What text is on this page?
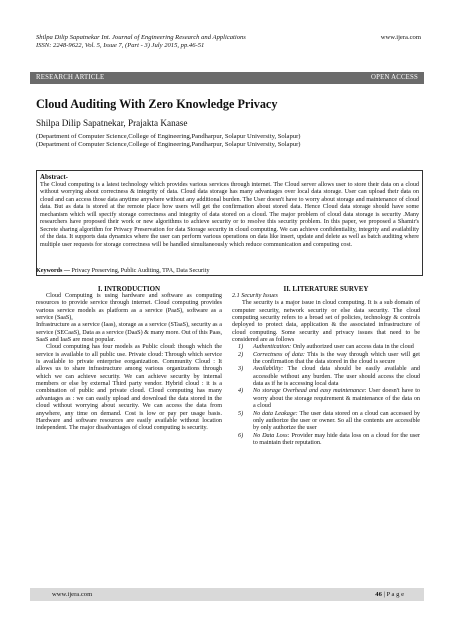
Shilpa Dilip Sapatnekar Int. Journal of Engineering Research and Applications
ISSN: 2248-9622, Vol. 5, Issue 7, (Part - 3) July 2015, pp.46-51
www.ijera.com
RESEARCH ARTICLE	OPEN ACCESS
Cloud Auditing With Zero Knowledge Privacy
Shilpa Dilip Sapatnekar, Prajakta Kanase
(Department of Computer Science,College of Engineering,Pandharpur, Solapur University, Solapur)
(Department of Computer Science,College of Engineering,Pandharpur, Solapur University, Solapur)
Abstract-
The Cloud computing is a latest technology which provides various services through internet. The Cloud server allows user to store their data on a cloud without worrying about correctness & integrity of data. Cloud data storage has many advantages over local data storage. User can upload their data on cloud and can access those data anytime anywhere without any additional burden. The User doesn't have to worry about storage and maintenance of cloud data. But as data is stored at the remote place how users will get the confirmation about stored data. Hence Cloud data storage should have some mechanism which will specify storage correctness and integrity of data stored on a cloud. The major problem of cloud data storage is security .Many researchers have proposed their work or new algorithms to achieve security or to resolve this security problem. In this paper, we proposed a Shamir's Secrete sharing algorithm for Privacy Preservation for data Storage security in cloud computing. We can achieve confidentiality, integrity and availability of the data. It supports data dynamics where the user can perform various operations on data like insert, update and delete as well as batch auditing where multiple user requests for storage correctness will be handled simultaneously which reduce communication and computing cost.
Keywords — Privacy Preserving, Public Auditing, TPA, Data Security
I. INTRODUCTION

Cloud Computing is using hardware and software as computing resources to provide service through internet. Cloud computing provides various service models as platform as a service (PaaS), software as a service (SaaS),

Infrastructure as a service (Iaas), storage as a service (STaaS), security as a service (SECaaS), Data as a service (DaaS) & many more. Out of this Paas, SaaS and IaaS are most popular.

Cloud computing has four models as Public cloud: though which the service is available to all public use. Private cloud: Through which service is available to private enterprise eorganization. Community Cloud : It allows us to share infrastructure among various organizations through which we can achieve security. We can achieve security by internal members or else by external Third party vendor. Hybrid cloud : it is a combination of public and private cloud. Cloud computing has many advantages as : we can easily upload and download the data stored in the cloud without worrying about security. We can access the data from anywhere, any time on demand. Cost is low or pay per usage basis. Hardware and software resources are easily available without location independent. The major disadvantages of cloud computing is security.

II. LITERATURE SURVEY
2.1 Security Issues

The security is a major issue in cloud computing. It is a sub domain of computer security, network security or else data security. The cloud computing security refers to a broad set of policies, technology & controls deployed to protect data, application & the associated infrastructure of cloud computing. Some security and privacy issues that need to be considered are as follows

1) Authentication: Only authorized user can access data in the cloud
2) Correctness of data: This is the way through which user will get the confirmation that the data stored in the cloud is secure
3) Availability: The cloud data should be easily available and accessible without any burden. The user should access the cloud data as if he is accessing local data
4) No storage Overhead and easy maintenance: User doesn't have to worry about the storage requirement & maintenance of the data on a cloud
5) No data Leakage: The user data stored on a cloud can accessed by only authorize the user or owner. So all the contents are accessible by only authorize the user
6) No Data Loss: Provider may hide data loss on a cloud for the user to maintain their reputation.
www.ijera.com	46 | P a g e
